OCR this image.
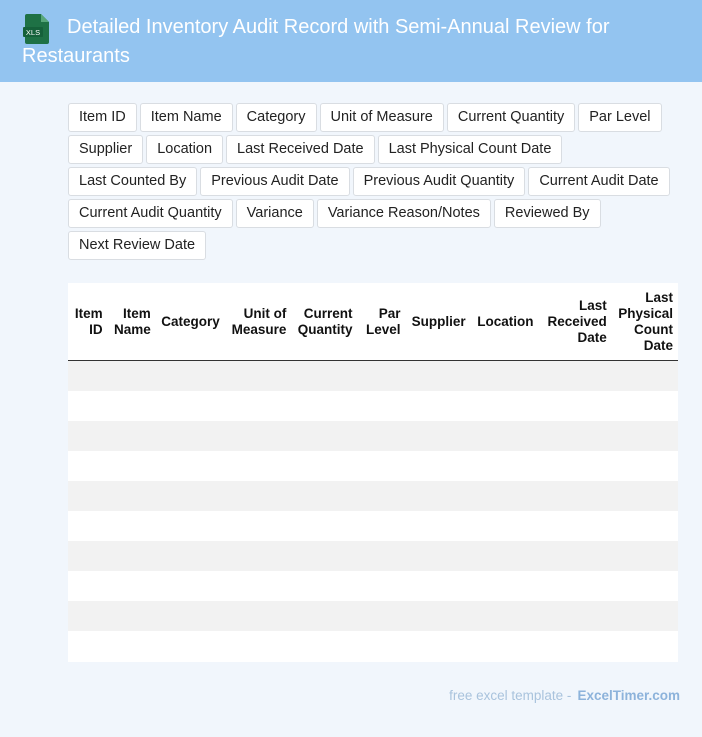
XLS	Detailed Inventory Audit Record with Semi-Annual Review for Restaurants
Item ID	Item Name	Category	Unit of Measure	Current Quantity	Par Level
Supplier	Location	Last Received Date	Last Physical Count Date
Last Counted By	Previous Audit Date	Previous Audit Quantity	Current Audit Date
Current Audit Quantity	Variance	Variance Reason/Notes	Reviewed By
Next Review Date
Item ID	Item Name	Category	Unit of Measure	Current Quantity	Par Level	Supplier	Location	Last Received Date	Last Physical Count Date

free excel template - ExcelTimer.com
